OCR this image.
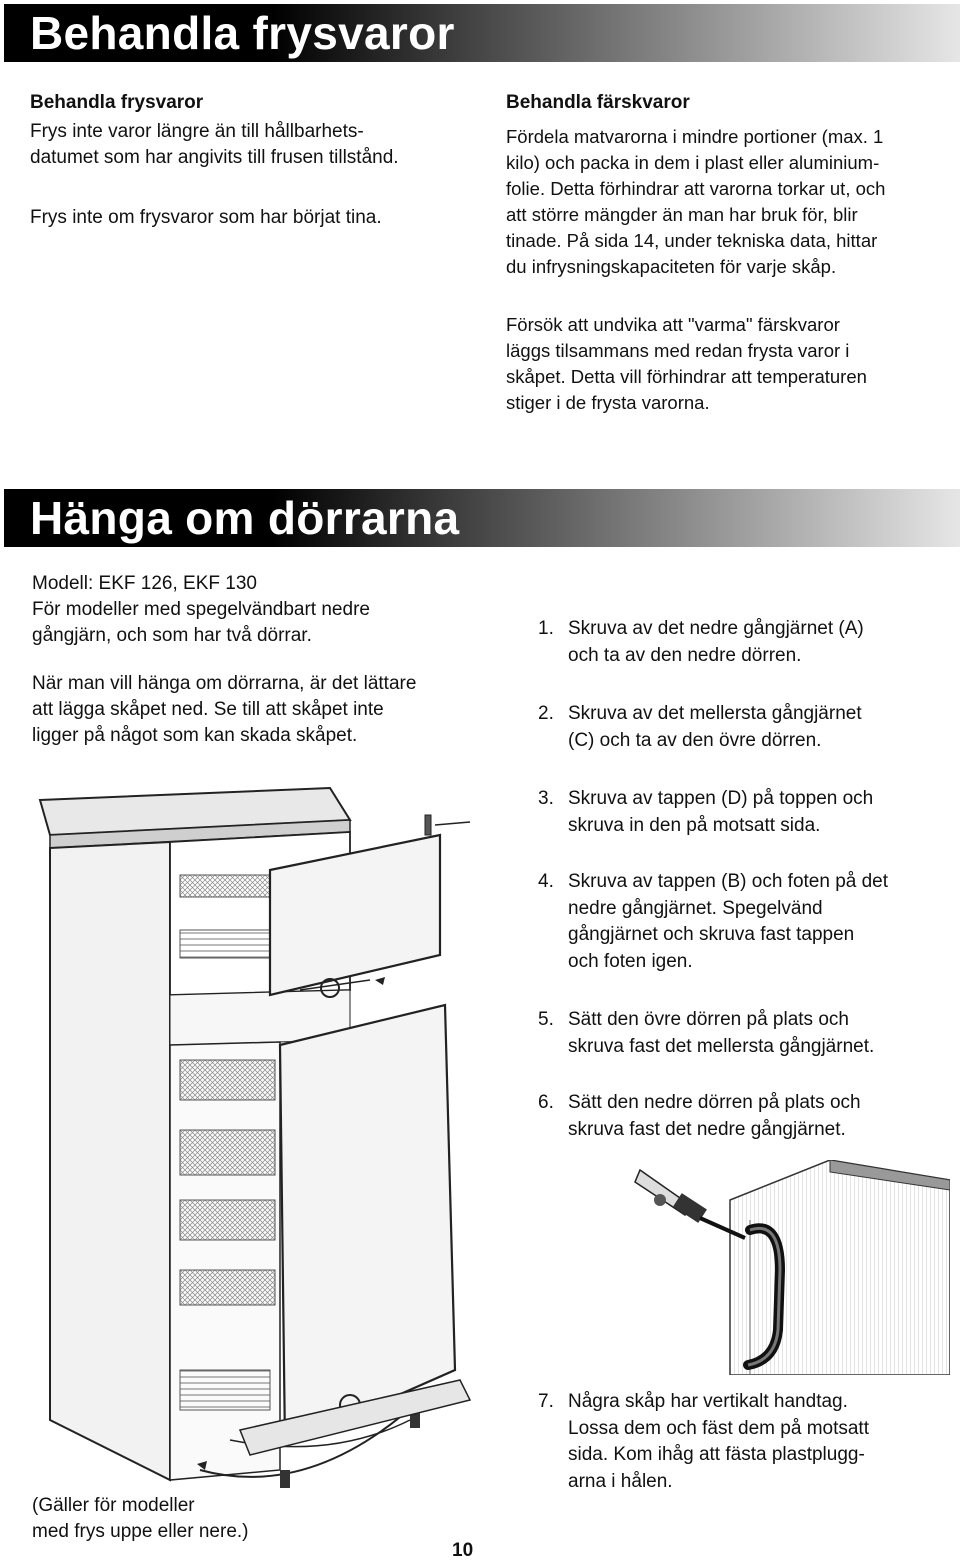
Behandla frysvaror
Behandla frysvaror
Frys inte varor längre än till hållbarhets-
datumet som har angivits till frusen tillstånd.
Frys inte om frysvaror som har börjat tina.
Behandla färskvaror
Fördela matvarorna i mindre portioner (max. 1
kilo) och packa in dem i plast eller aluminium-
folie. Detta förhindrar att varorna torkar ut, och
att större mängder än man har bruk för, blir
tinade. På sida 14, under tekniska data, hittar
du infrysningskapaciteten för varje skåp.
Försök att undvika att "varma" färskvaror
läggs tilsammans med redan frysta varor i
skåpet. Detta vill förhindrar att temperaturen
stiger i de frysta varorna.
Hänga om dörrarna
Modell: EKF 126, EKF 130
För modeller med spegelvändbart nedre
gångjärn, och som har två dörrar.
När man vill hänga om dörrarna, är det lättare
att lägga skåpet ned. Se till att skåpet inte
ligger på något som kan skada skåpet.
1. Skruva av det nedre gångjärnet (A)
och ta av den nedre dörren.
2. Skruva av det mellersta gångjärnet
(C) och ta av den övre dörren.
3. Skruva av tappen (D) på toppen och
skruva in den på motsatt sida.
4. Skruva av tappen (B) och foten på det
nedre gångjärnet. Spegelvänd
gångjärnet och skruva fast tappen
och foten igen.
5. Sätt den övre dörren på plats och
skruva fast det mellersta gångjärnet.
6. Sätt den nedre dörren på plats och
skruva fast det nedre gångjärnet.
7. Några skåp har vertikalt handtag.
Lossa dem och fäst dem på motsatt
sida. Kom ihåg att fästa plastplugg-
arna i hålen.
(Gäller för modeller
med frys uppe eller nere.)
10
